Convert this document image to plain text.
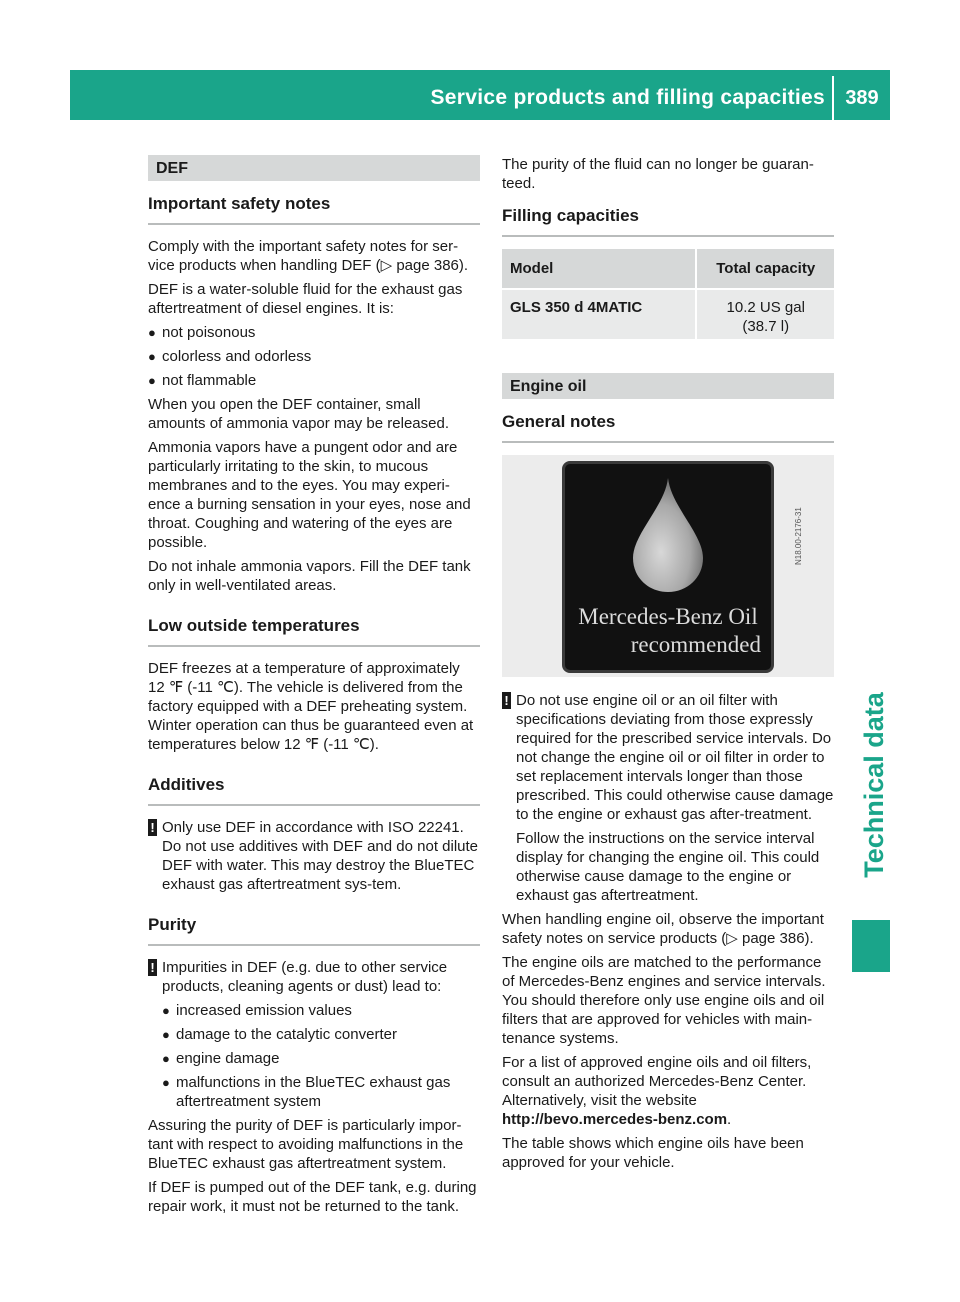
Service products and filling capacities	389
Technical data
DEF
Important safety notes
Comply with the important safety notes for ser-vice products when handling DEF (▷ page 386).
DEF is a water-soluble fluid for the exhaust gas aftertreatment of diesel engines. It is:
● not poisonous
● colorless and odorless
● not flammable
When you open the DEF container, small amounts of ammonia vapor may be released.
Ammonia vapors have a pungent odor and are particularly irritating to the skin, to mucous membranes and to the eyes. You may experi-ence a burning sensation in your eyes, nose and throat. Coughing and watering of the eyes are possible.
Do not inhale ammonia vapors. Fill the DEF tank only in well-ventilated areas.
Low outside temperatures
DEF freezes at a temperature of approximately 12 ℉ (-11 ℃). The vehicle is delivered from the factory equipped with a DEF preheating system. Winter operation can thus be guaranteed even at temperatures below 12 ℉ (-11 ℃).
Additives
! Only use DEF in accordance with ISO 22241. Do not use additives with DEF and do not dilute DEF with water. This may destroy the BlueTEC exhaust gas aftertreatment sys-tem.
Purity
! Impurities in DEF (e.g. due to other service products, cleaning agents or dust) lead to:
● increased emission values
● damage to the catalytic converter
● engine damage
● malfunctions in the BlueTEC exhaust gas aftertreatment system
Assuring the purity of DEF is particularly impor-tant with respect to avoiding malfunctions in the BlueTEC exhaust gas aftertreatment system.
If DEF is pumped out of the DEF tank, e.g. during repair work, it must not be returned to the tank.
The purity of the fluid can no longer be guaran-teed.
Filling capacities
Model	Total capacity
GLS 350 d 4MATIC	10.2 US gal
(38.7 l)
Engine oil
General notes
Mercedes-Benz Oil
recommended
N18.00-2176-31
! Do not use engine oil or an oil filter with specifications deviating from those expressly required for the prescribed service intervals. Do not change the engine oil or oil filter in order to set replacement intervals longer than those prescribed. This could otherwise cause damage to the engine or exhaust gas after-treatment.
Follow the instructions on the service interval display for changing the engine oil. This could otherwise cause damage to the engine or exhaust gas aftertreatment.
When handling engine oil, observe the important safety notes on service products (▷ page 386).
The engine oils are matched to the performance of Mercedes-Benz engines and service intervals. You should therefore only use engine oils and oil filters that are approved for vehicles with main-tenance systems.
For a list of approved engine oils and oil filters, consult an authorized Mercedes-Benz Center. Alternatively, visit the website
http://bevo.mercedes-benz.com.
The table shows which engine oils have been approved for your vehicle.
